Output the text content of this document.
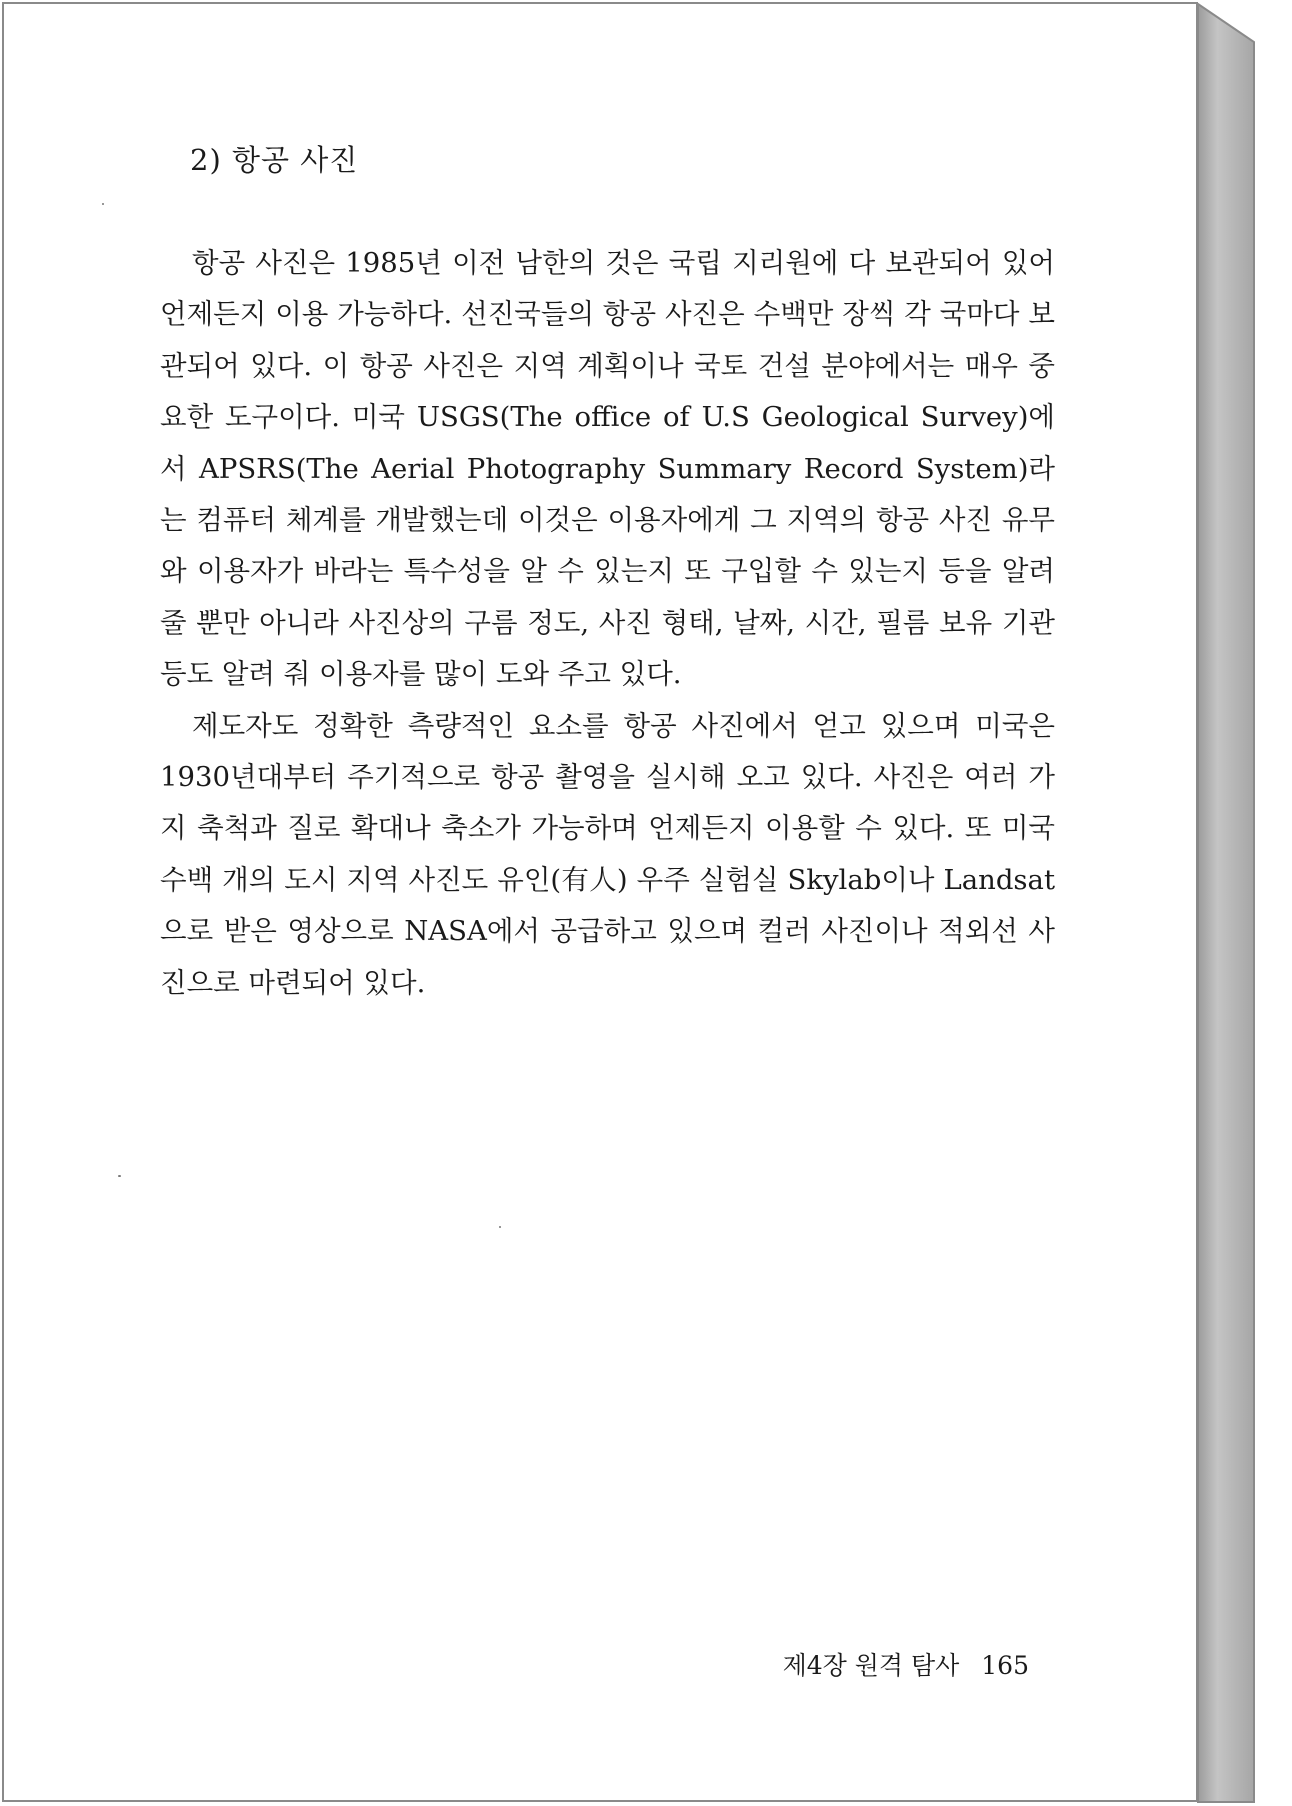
2) 항공 사진

항공 사진은 1985년 이전 남한의 것은 국립 지리원에 다 보관되어 있어 언제든지 이용 가능하다. 선진국들의 항공 사진은 수백만 장씩 각 국마다 보관되어 있다. 이 항공 사진은 지역 계획이나 국토 건설 분야에서는 매우 중요한 도구이다. 미국 USGS(The office of U.S Geological Survey)에서 APSRS(The Aerial Photography Summary Record System)라는 컴퓨터 체계를 개발했는데 이것은 이용자에게 그 지역의 항공 사진 유무와 이용자가 바라는 특수성을 알 수 있는지 또 구입할 수 있는지 등을 알려줄 뿐만 아니라 사진상의 구름 정도, 사진 형태, 날짜, 시간, 필름 보유 기관 등도 알려 줘 이용자를 많이 도와 주고 있다.

제도자도 정확한 측량적인 요소를 항공 사진에서 얻고 있으며 미국은 1930년대부터 주기적으로 항공 촬영을 실시해 오고 있다. 사진은 여러 가지 축척과 질로 확대나 축소가 가능하며 언제든지 이용할 수 있다. 또 미국 수백 개의 도시 지역 사진도 유인(有人) 우주 실험실 Skylab이나 Landsat으로 받은 영상으로 NASA에서 공급하고 있으며 컬러 사진이나 적외선 사진으로 마련되어 있다.

제4장 원격 탐사 165
